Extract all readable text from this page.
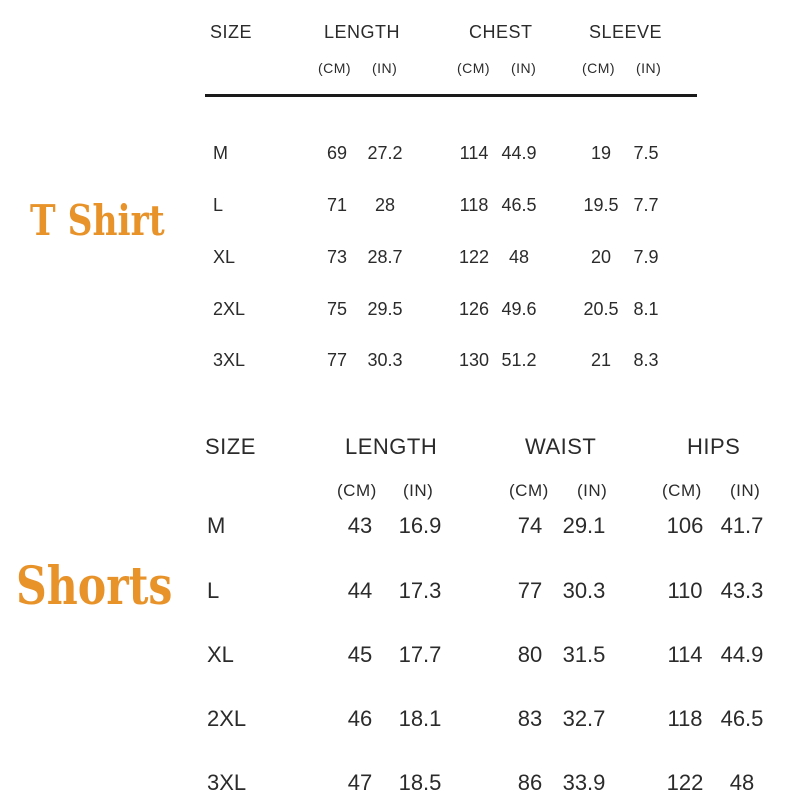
T Shirt
SIZE	LENGTH	CHEST	SLEEVE
(CM) (IN)	(CM) (IN)	(CM) (IN)
M	69 27.2	114 44.9	19 7.5
L	71 28	118 46.5	19.5 7.7
XL	73 28.7	122 48	20 7.9
2XL	75 29.5	126 49.6	20.5 8.1
3XL	77 30.3	130 51.2	21 8.3
Shorts
SIZE	LENGTH	WAIST	HIPS
(CM) (IN)	(CM) (IN)	(CM) (IN)
M	43 16.9	74 29.1	106 41.7
L	44 17.3	77 30.3	110 43.3
XL	45 17.7	80 31.5	114 44.9
2XL	46 18.1	83 32.7	118 46.5
3XL	47 18.5	86 33.9	122 48
